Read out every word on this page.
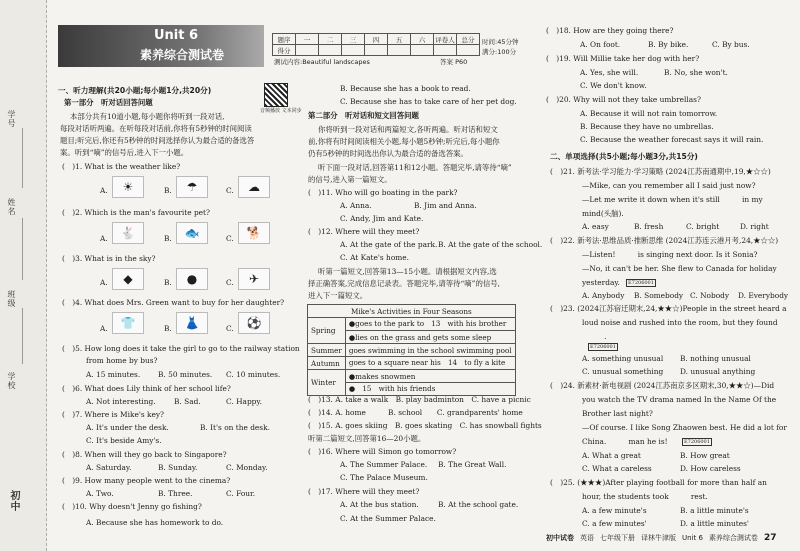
学号
姓名
班级
学校
初中
Unit 6
素养综合测试卷
题序	一	二	三	四	五	六	评卷人	总分
得分								
时间:45分钟
满分:100分
测试内容:Beautiful landscapes	答案 P60
一、听力理解(共20小题;每小题1分,共20分)
音频播放 文本同步
第一部分　听对话回答问题
本部分共有10道小题,每小题你将听到一段对话,
每段对话听两遍。在听每段对话前,你将有5秒钟的时间阅读
题目;听完后,你还有5秒钟的时间选择你认为最合适的备选答
案。听到“嘀”的信号后,进入下一小题。
(　)1. What is the weather like?
A.	☀	B.	☂	C.	☁
(　)2. Which is the man's favourite pet?
A.	🐇	B.	🐟	C.	🐕
(　)3. What is in the sky?
A.	◆	B.	●	C.	✈
(　)4. What does Mrs. Green want to buy for her daughter?
A.	👕	B.	👗	C.	⚽
(　)5. How long does it take the girl to go to the railway station
from home by bus?
A. 15 minutes. B. 50 minutes. C. 10 minutes.
(　)6. What does Lily think of her school life?
A. Not interesting. B. Sad.	C. Happy.
(　)7. Where is Mike's key?
A. It's under the desk.	B. It's on the desk.
C. It's beside Amy's.
(　)8. When will they go back to Singapore?
A. Saturday.	B. Sunday.	C. Monday.
(　)9. How many people went to the cinema?
A. Two.	B. Three.	C. Four.
(　)10. Why doesn't Jenny go fishing?
A. Because she has homework to do.
B. Because she has a book to read.
C. Because she has to take care of her pet dog.
第二部分　听对话和短文回答问题
你将听到一段对话和两篇短文,各听两遍。听对话和短文
前,你将有时间阅读相关小题,每小题5秒钟;听完后,每小题你
仍有5秒钟的时间选出你认为最合适的备选答案。
听下面一段对话,回答第11和12小题。答题完毕,请等待“嘀”
的信号,进入第一篇短文。
(　)11. Who will go boating in the park?
A. Anna.	B. Jim and Anna.
C. Andy, Jim and Kate.
(　)12. Where will they meet?
A. At the gate of the park. B. At the gate of the school.
C. At Kate's home.
听第一篇短文,回答第13—15小题。请根据短文内容,选
择正确答案,完成信息记录表。答题完毕,请等待“嘀”的信号,
进入下一篇短文。
Mike's Activities in Four Seasons	
Spring	●goes to the park to　13　with his brother
	●lies on the grass and gets some sleep
Summer	goes swimming in the school swimming pool
Autumn	goes to a square near his　14　to fly a kite
Winter	●makes snowmen
	●　15　with his friends
(　)13. A. take a walk　B. play badminton　C. have a picnic
(　)14. A. home　　　B. school　　C. grandparents' home
(　)15. A. goes skiing　B. goes skating　C. has snowball fights
听第二篇短文,回答第16—20小题。
(　)16. Where will Simon go tomorrow?
A. The Summer Palace. B. The Great Wall.
C. The Palace Museum.
(　)17. Where will they meet?
A. At the bus station.	B. At the school gate.
C. At the Summer Palace.
(　)18. How are they going there?
A. On foot.	B. By bike.	C. By bus.
(　)19. Will Millie take her dog with her?
A. Yes, she will.	B. No, she won't.
C. We don't know.
(　)20. Why will not they take umbrellas?
A. Because it will not rain tomorrow.
B. Because they have no umbrellas.
C. Because the weather forecast says it will rain.
二、单项选择(共5小题;每小题3分,共15分)
(　)21. 新考法·学习能力·学习策略 (2024江苏南通期中,19,★☆☆)
—Mike, can you remember all I said just now?
—Let me write it down when it's still　　　in my
mind(头脑).
A. easy	B. fresh	C. bright	D. right
(　)22. 新考法·思维品质·推断思维 (2024江苏连云港月考,24,★☆☆)
—Listen!　　　is singing next door. Is it Sonia?
—No, it can't be her. She flew to Canada for holiday
yesterday.	E7206001
A. Anybody B. Somebody C. Nobody D. Everybody
(　)23. (2024江苏宿迁期末,24,★★☆)People in the street heard a
loud noise and rushed into the room, but they found
　　　.
E7206001
A. something unusual B. nothing unusual
C. unusual something D. unusual anything
(　)24. 新素材·新电视剧 (2024江苏南京多区期末,30,★★☆)—Did
you watch the TV drama named In the Name Of the
Brother last night?
—Of course. I like Song Zhaowen best. He did a lot for
China.　　　man he is!	E7206001
A. What a great	B. How great
C. What a careless	D. How careless
(　)25. (★★★)After playing football for more than half an
hour, the students took　　　rest.
A. a few minute's	B. a little minute's
C. a few minutes'	D. a little minutes'
初中试卷 英语 七年级下册 译林牛津版 Unit 6 素养综合测试卷 27
